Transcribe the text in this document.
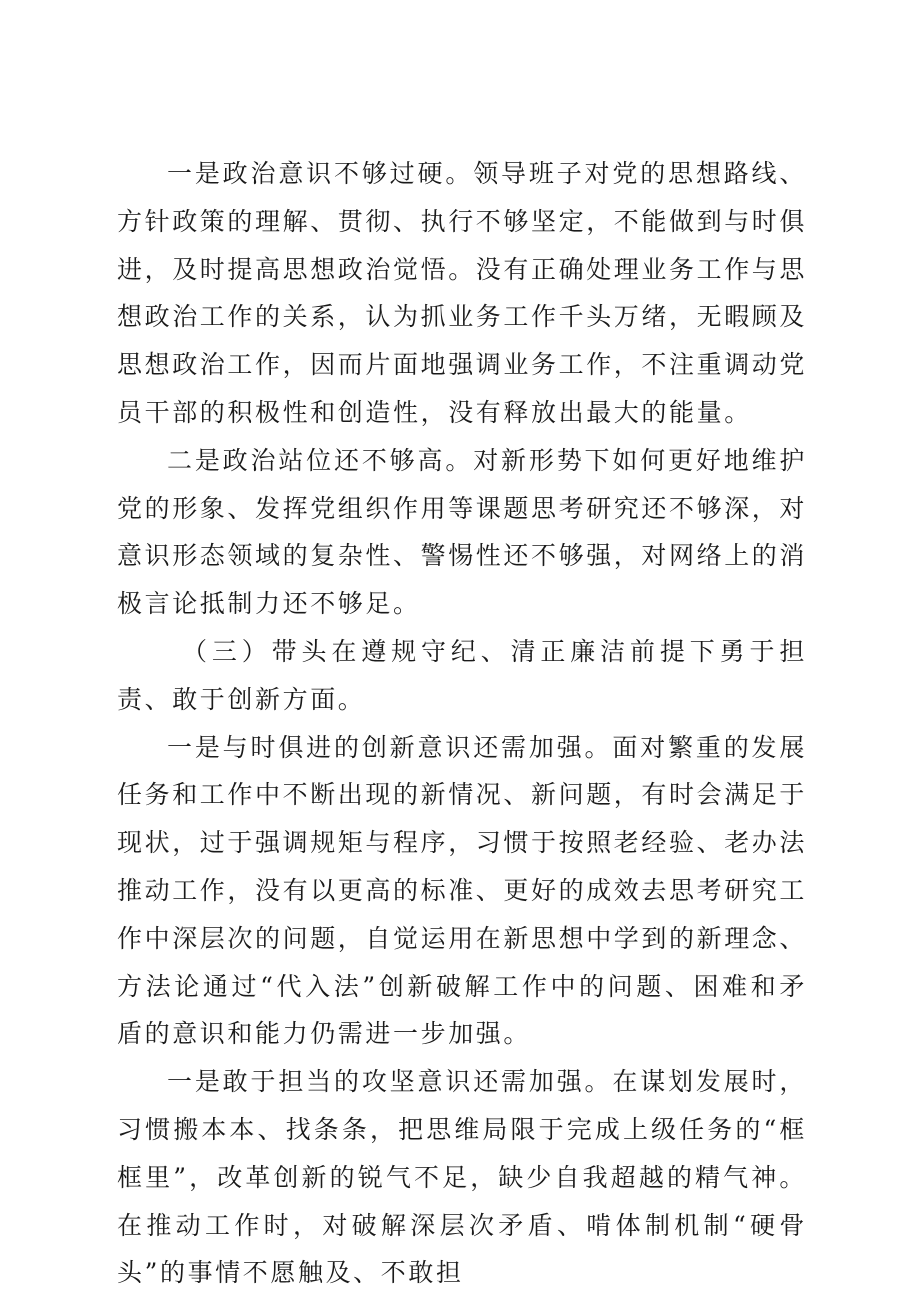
一是政治意识不够过硬。领导班子对党的思想路线、方针政策的理解、贯彻、执行不够坚定，不能做到与时俱进，及时提高思想政治觉悟。没有正确处理业务工作与思想政治工作的关系，认为抓业务工作千头万绪，无暇顾及思想政治工作，因而片面地强调业务工作，不注重调动党员干部的积极性和创造性，没有释放出最大的能量。

二是政治站位还不够高。对新形势下如何更好地维护党的形象、发挥党组织作用等课题思考研究还不够深，对意识形态领域的复杂性、警惕性还不够强，对网络上的消极言论抵制力还不够足。

（三）带头在遵规守纪、清正廉洁前提下勇于担责、敢于创新方面。

一是与时俱进的创新意识还需加强。面对繁重的发展任务和工作中不断出现的新情况、新问题，有时会满足于现状，过于强调规矩与程序，习惯于按照老经验、老办法推动工作，没有以更高的标准、更好的成效去思考研究工作中深层次的问题，自觉运用在新思想中学到的新理念、方法论通过“代入法”创新破解工作中的问题、困难和矛盾的意识和能力仍需进一步加强。

一是敢于担当的攻坚意识还需加强。在谋划发展时，习惯搬本本、找条条，把思维局限于完成上级任务的“框框里”，改革创新的锐气不足，缺少自我超越的精气神。在推动工作时，对破解深层次矛盾、啃体制机制“硬骨头”的事情不愿触及、不敢担
